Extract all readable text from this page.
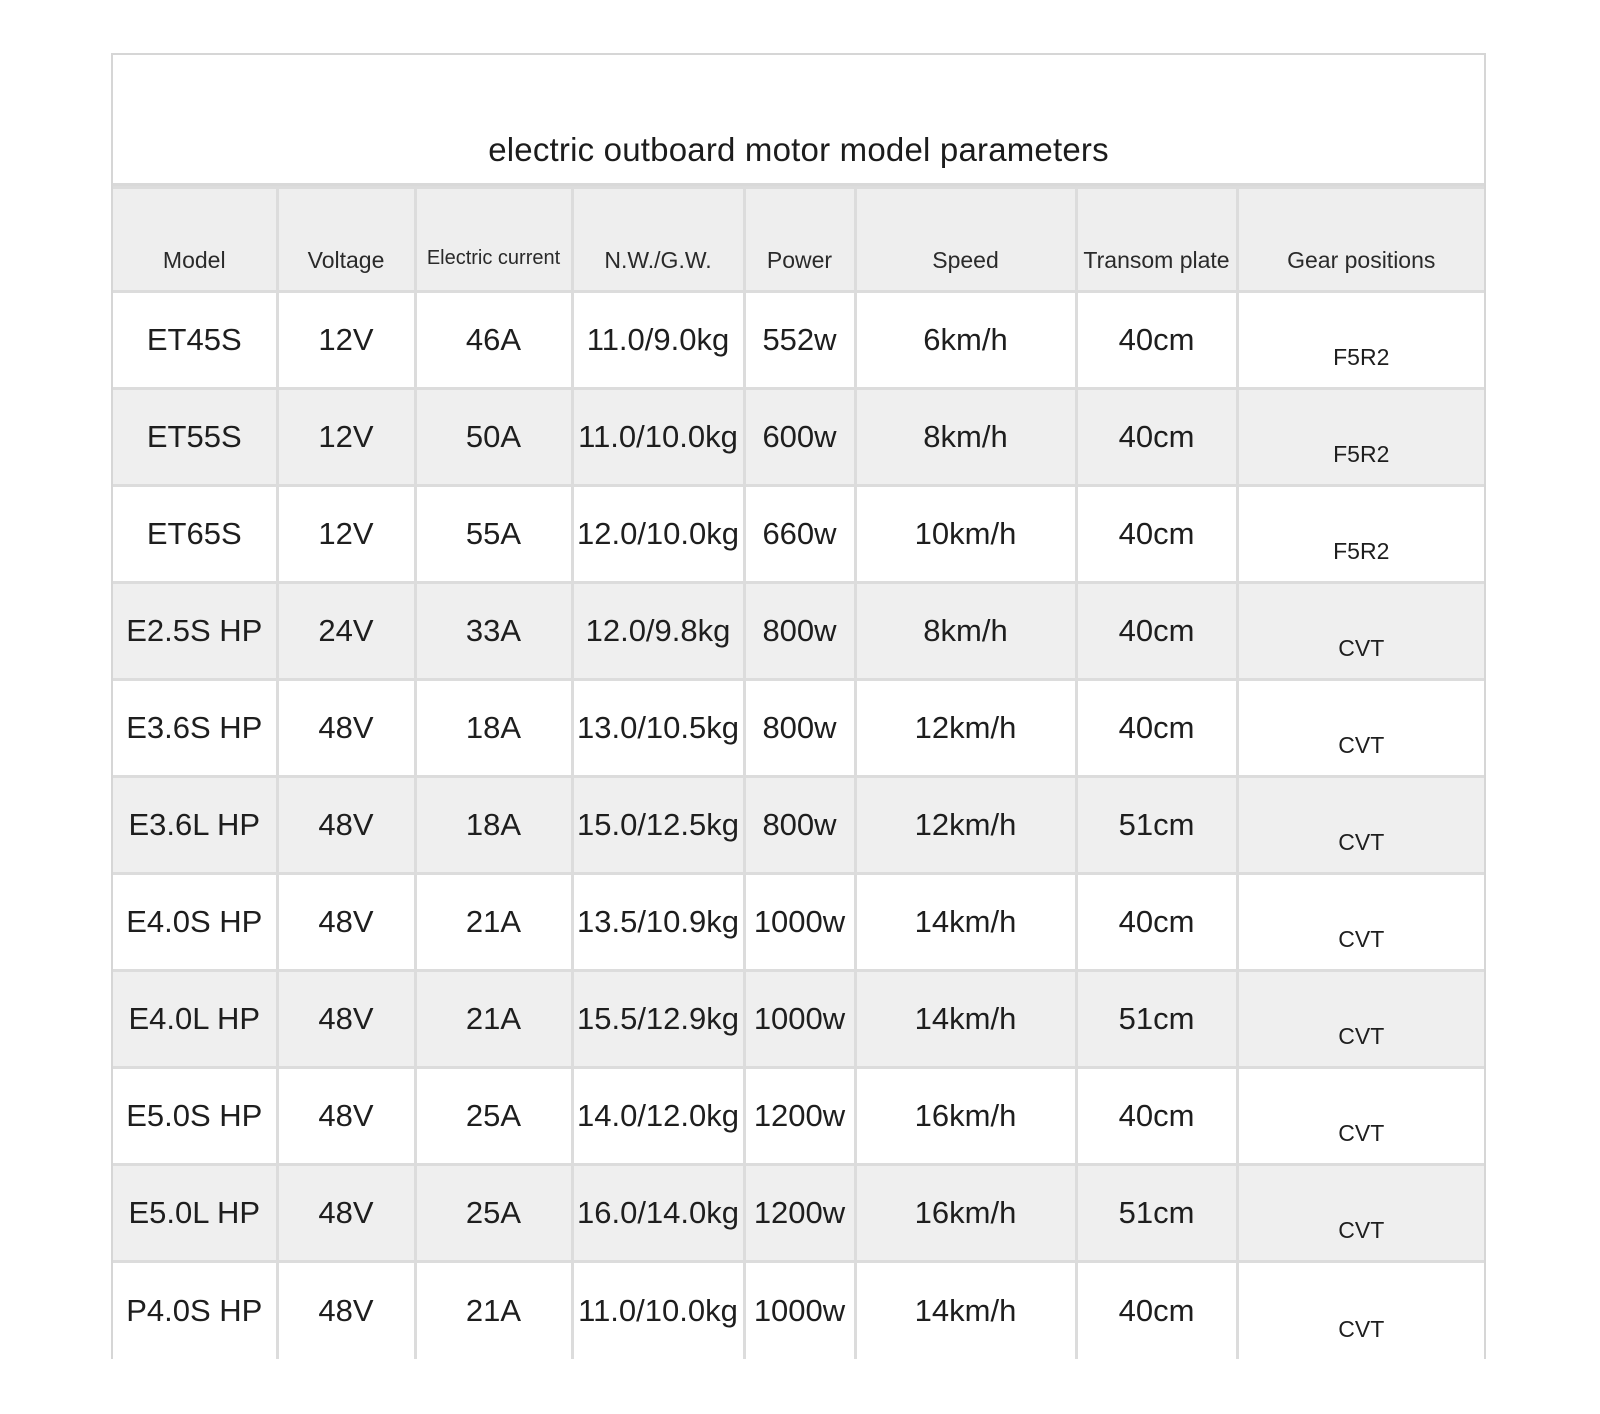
electric outboard motor model parameters
Model	Voltage	Electric current	N.W./G.W.	Power	Speed	Transom plate	Gear positions
ET45S	12V	46A	11.0/9.0kg	552w	6km/h	40cm	F5R2
ET55S	12V	50A	11.0/10.0kg	600w	8km/h	40cm	F5R2
ET65S	12V	55A	12.0/10.0kg	660w	10km/h	40cm	F5R2
E2.5S HP	24V	33A	12.0/9.8kg	800w	8km/h	40cm	CVT
E3.6S HP	48V	18A	13.0/10.5kg	800w	12km/h	40cm	CVT
E3.6L HP	48V	18A	15.0/12.5kg	800w	12km/h	51cm	CVT
E4.0S HP	48V	21A	13.5/10.9kg	1000w	14km/h	40cm	CVT
E4.0L HP	48V	21A	15.5/12.9kg	1000w	14km/h	51cm	CVT
E5.0S HP	48V	25A	14.0/12.0kg	1200w	16km/h	40cm	CVT
E5.0L HP	48V	25A	16.0/14.0kg	1200w	16km/h	51cm	CVT
P4.0S HP	48V	21A	11.0/10.0kg	1000w	14km/h	40cm	CVT
